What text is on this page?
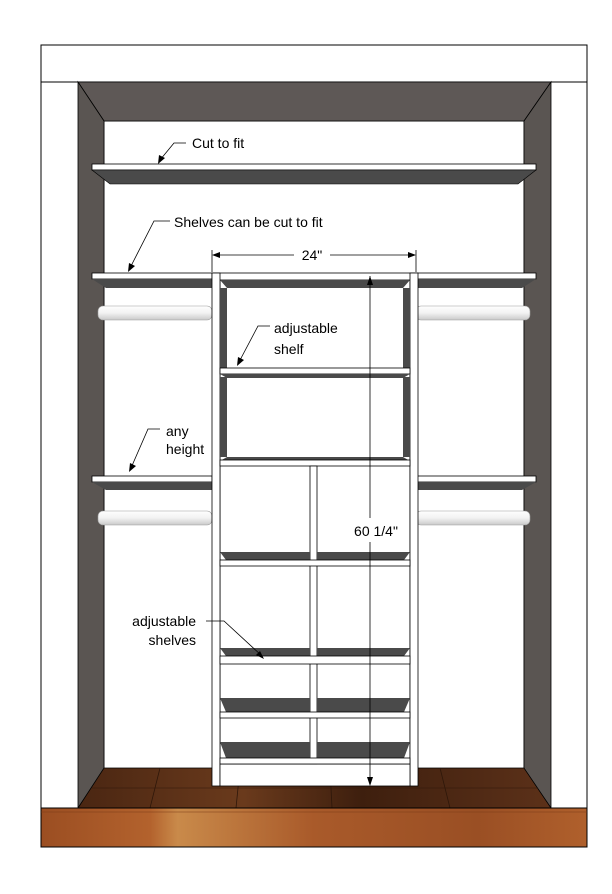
24"
60 1/4"
Cut to fit
Shelves can be cut to fit
adjustable
shelf
any
height
adjustable
shelves
